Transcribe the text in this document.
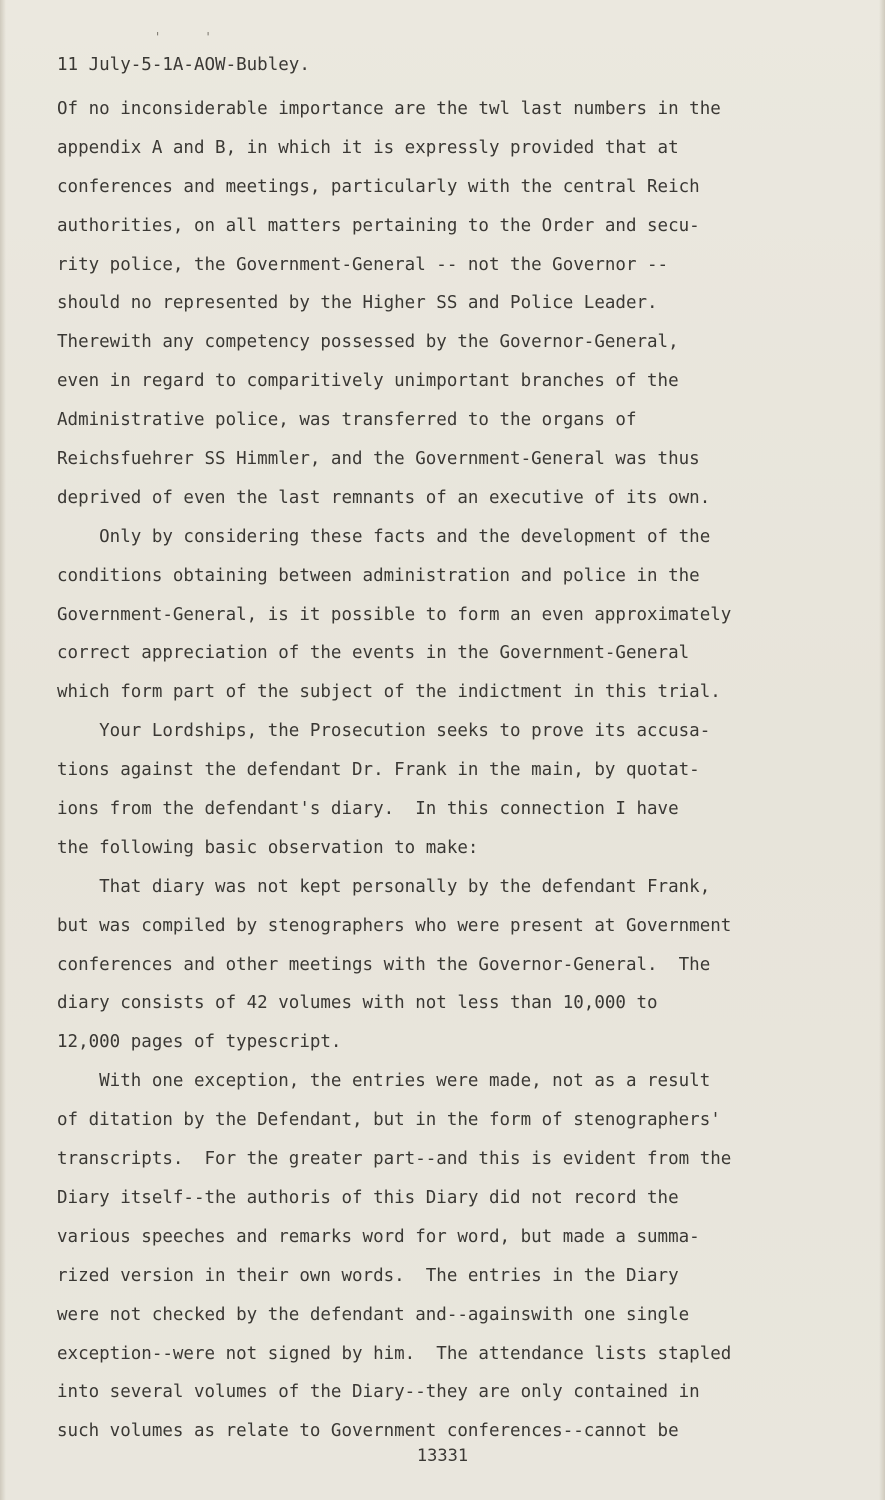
' '
11 July-5-1A-AOW-Bubley.
Of no inconsiderable importance are the twl last numbers in the
appendix A and B, in which it is expressly provided that at
conferences and meetings, particularly with the central Reich
authorities, on all matters pertaining to the Order and secu-
rity police, the Government-General -- not the Governor --
should no represented by the Higher SS and Police Leader.
Therewith any competency possessed by the Governor-General,
even in regard to comparitively unimportant branches of the
Administrative police, was transferred to the organs of
Reichsfuehrer SS Himmler, and the Government-General was thus
deprived of even the last remnants of an executive of its own.
Only by considering these facts and the development of the
conditions obtaining between administration and police in the
Government-General, is it possible to form an even approximately
correct appreciation of the events in the Government-General
which form part of the subject of the indictment in this trial.
Your Lordships, the Prosecution seeks to prove its accusa-
tions against the defendant Dr. Frank in the main, by quotat-
ions from the defendant's diary.  In this connection I have
the following basic observation to make:
That diary was not kept personally by the defendant Frank,
but was compiled by stenographers who were present at Government
conferences and other meetings with the Governor-General.  The
diary consists of 42 volumes with not less than 10,000 to
12,000 pages of typescript.
With one exception, the entries were made, not as a result
of ditation by the Defendant, but in the form of stenographers'
transcripts.  For the greater part--and this is evident from the
Diary itself--the authoris of this Diary did not record the
various speeches and remarks word for word, but made a summa-
rized version in their own words.  The entries in the Diary
were not checked by the defendant and--againswith one single
exception--were not signed by him.  The attendance lists stapled
into several volumes of the Diary--they are only contained in
such volumes as relate to Government conferences--cannot be
13331
